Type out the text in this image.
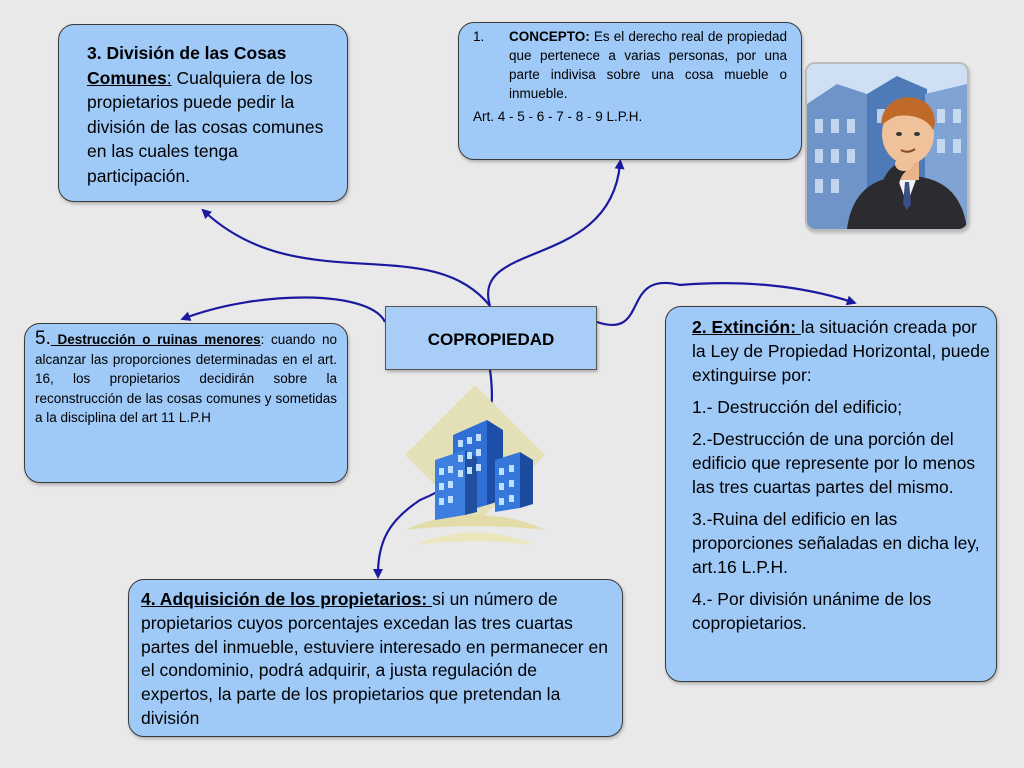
3. División de las Cosas Comunes: Cualquiera de los propietarios puede pedir la división de las cosas comunes en las cuales tenga participación.
1.	CONCEPTO: Es el derecho real de propiedad que pertenece a varias personas, por una parte indivisa sobre una cosa mueble o inmueble.
Art. 4 - 5 - 6 - 7 - 8 - 9 L.P.H.
COPROPIEDAD
5. Destrucción o ruinas menores: cuando no alcanzar las proporciones determinadas en el art. 16, los propietarios decidirán sobre la reconstrucción de las cosas comunes y sometidas a la disciplina del art 11 L.P.H

2. Extinción: la situación creada por la Ley de Propiedad Horizontal, puede extinguirse por:

1.- Destrucción del edificio;

2.-Destrucción de una porción del edificio que represente por lo menos las tres cuartas partes del mismo.

3.-Ruina del edificio en las proporciones señaladas en dicha ley, art.16 L.P.H.

4.- Por división unánime de los copropietarios.

4. Adquisición de los propietarios: si un número de propietarios cuyos porcentajes excedan las tres cuartas partes del inmueble, estuviere interesado en permanecer en el condominio, podrá adquirir, a justa regulación de expertos, la parte de los propietarios que pretendan la división
